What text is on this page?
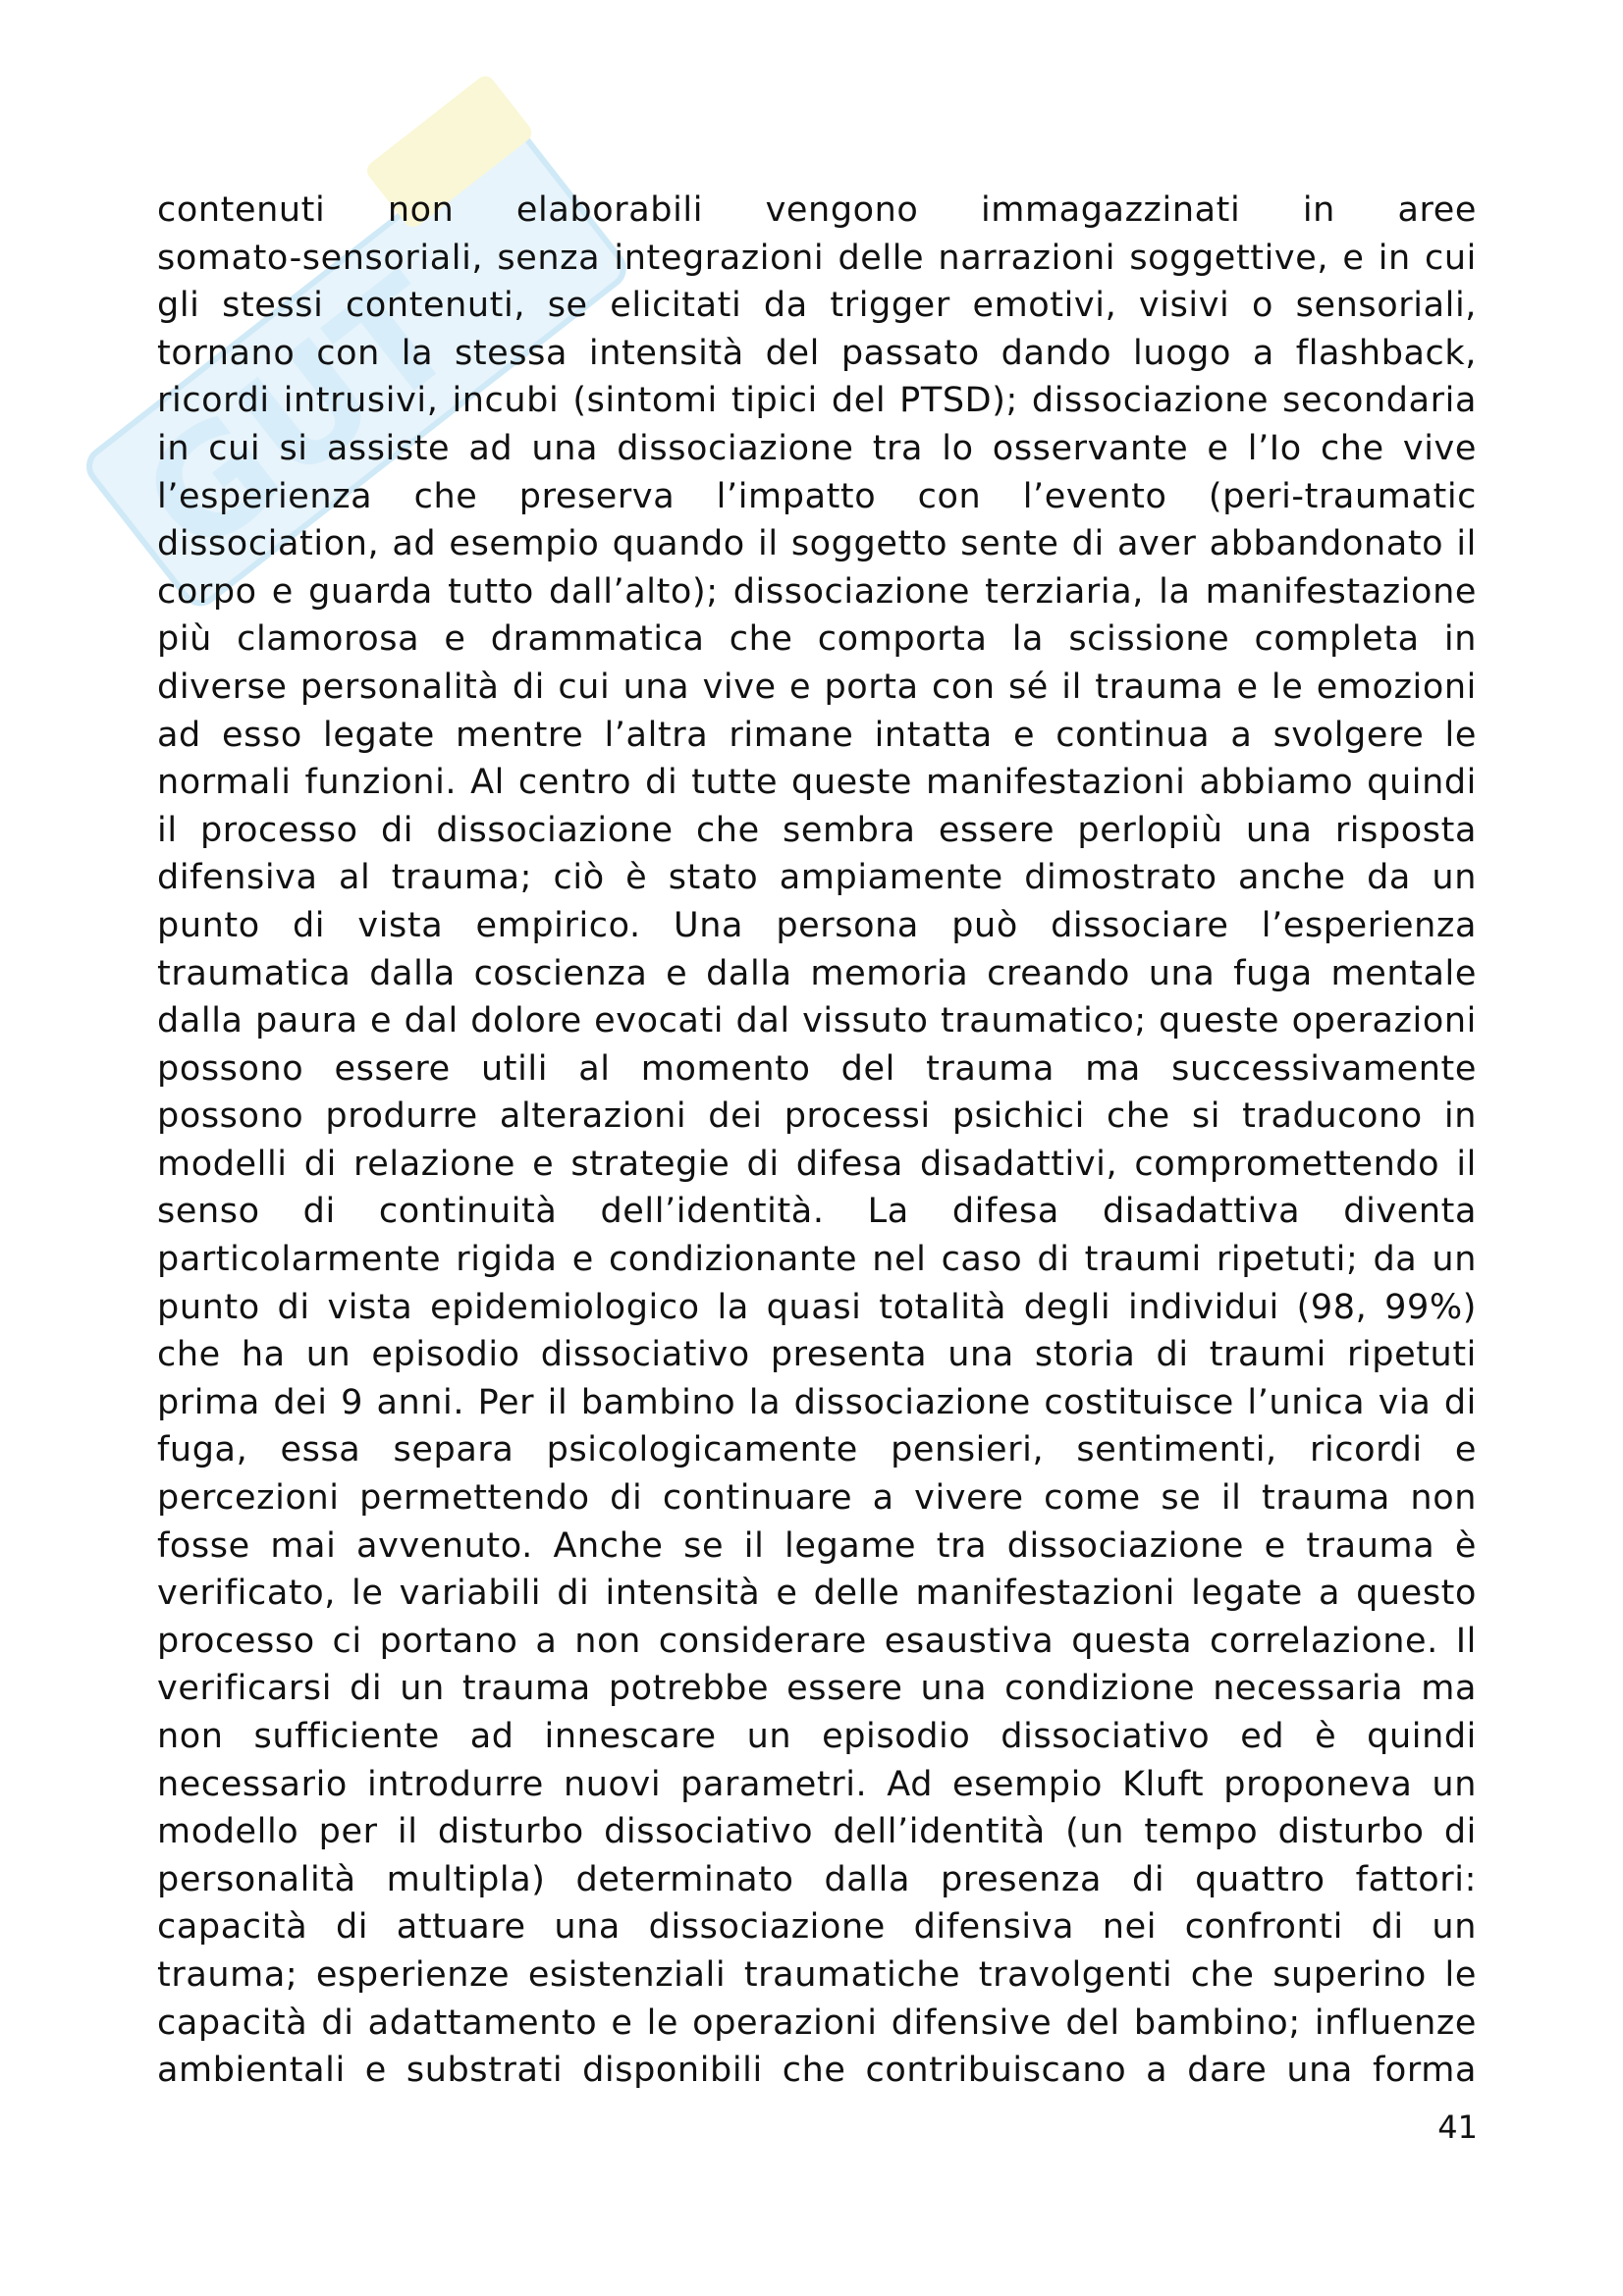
GUT
contenuti non elaborabili vengono immagazzinati in aree
somato-sensoriali, senza integrazioni delle narrazioni soggettive, e in cui
gli stessi contenuti, se elicitati da trigger emotivi, visivi o sensoriali,
tornano con la stessa intensità del passato dando luogo a flashback,
ricordi intrusivi, incubi (sintomi tipici del PTSD); dissociazione secondaria
in cui si assiste ad una dissociazione tra lo osservante e l’Io che vive
l’esperienza che preserva l’impatto con l’evento (peri-traumatic
dissociation, ad esempio quando il soggetto sente di aver abbandonato il
corpo e guarda tutto dall’alto); dissociazione terziaria, la manifestazione
più clamorosa e drammatica che comporta la scissione completa in
diverse personalità di cui una vive e porta con sé il trauma e le emozioni
ad esso legate mentre l’altra rimane intatta e continua a svolgere le
normali funzioni. Al centro di tutte queste manifestazioni abbiamo quindi
il processo di dissociazione che sembra essere perlopiù una risposta
difensiva al trauma; ciò è stato ampiamente dimostrato anche da un
punto di vista empirico. Una persona può dissociare l’esperienza
traumatica dalla coscienza e dalla memoria creando una fuga mentale
dalla paura e dal dolore evocati dal vissuto traumatico; queste operazioni
possono essere utili al momento del trauma ma successivamente
possono produrre alterazioni dei processi psichici che si traducono in
modelli di relazione e strategie di difesa disadattivi, compromettendo il
senso di continuità dell’identità. La difesa disadattiva diventa
particolarmente rigida e condizionante nel caso di traumi ripetuti; da un
punto di vista epidemiologico la quasi totalità degli individui (98, 99%)
che ha un episodio dissociativo presenta una storia di traumi ripetuti
prima dei 9 anni. Per il bambino la dissociazione costituisce l’unica via di
fuga, essa separa psicologicamente pensieri, sentimenti, ricordi e
percezioni permettendo di continuare a vivere come se il trauma non
fosse mai avvenuto. Anche se il legame tra dissociazione e trauma è
verificato, le variabili di intensità e delle manifestazioni legate a questo
processo ci portano a non considerare esaustiva questa correlazione. Il
verificarsi di un trauma potrebbe essere una condizione necessaria ma
non sufficiente ad innescare un episodio dissociativo ed è quindi
necessario introdurre nuovi parametri. Ad esempio Kluft proponeva un
modello per il disturbo dissociativo dell’identità (un tempo disturbo di
personalità multipla) determinato dalla presenza di quattro fattori:
capacità di attuare una dissociazione difensiva nei confronti di un
trauma; esperienze esistenziali traumatiche travolgenti che superino le
capacità di adattamento e le operazioni difensive del bambino; influenze
ambientali e substrati disponibili che contribuiscano a dare una forma
41
